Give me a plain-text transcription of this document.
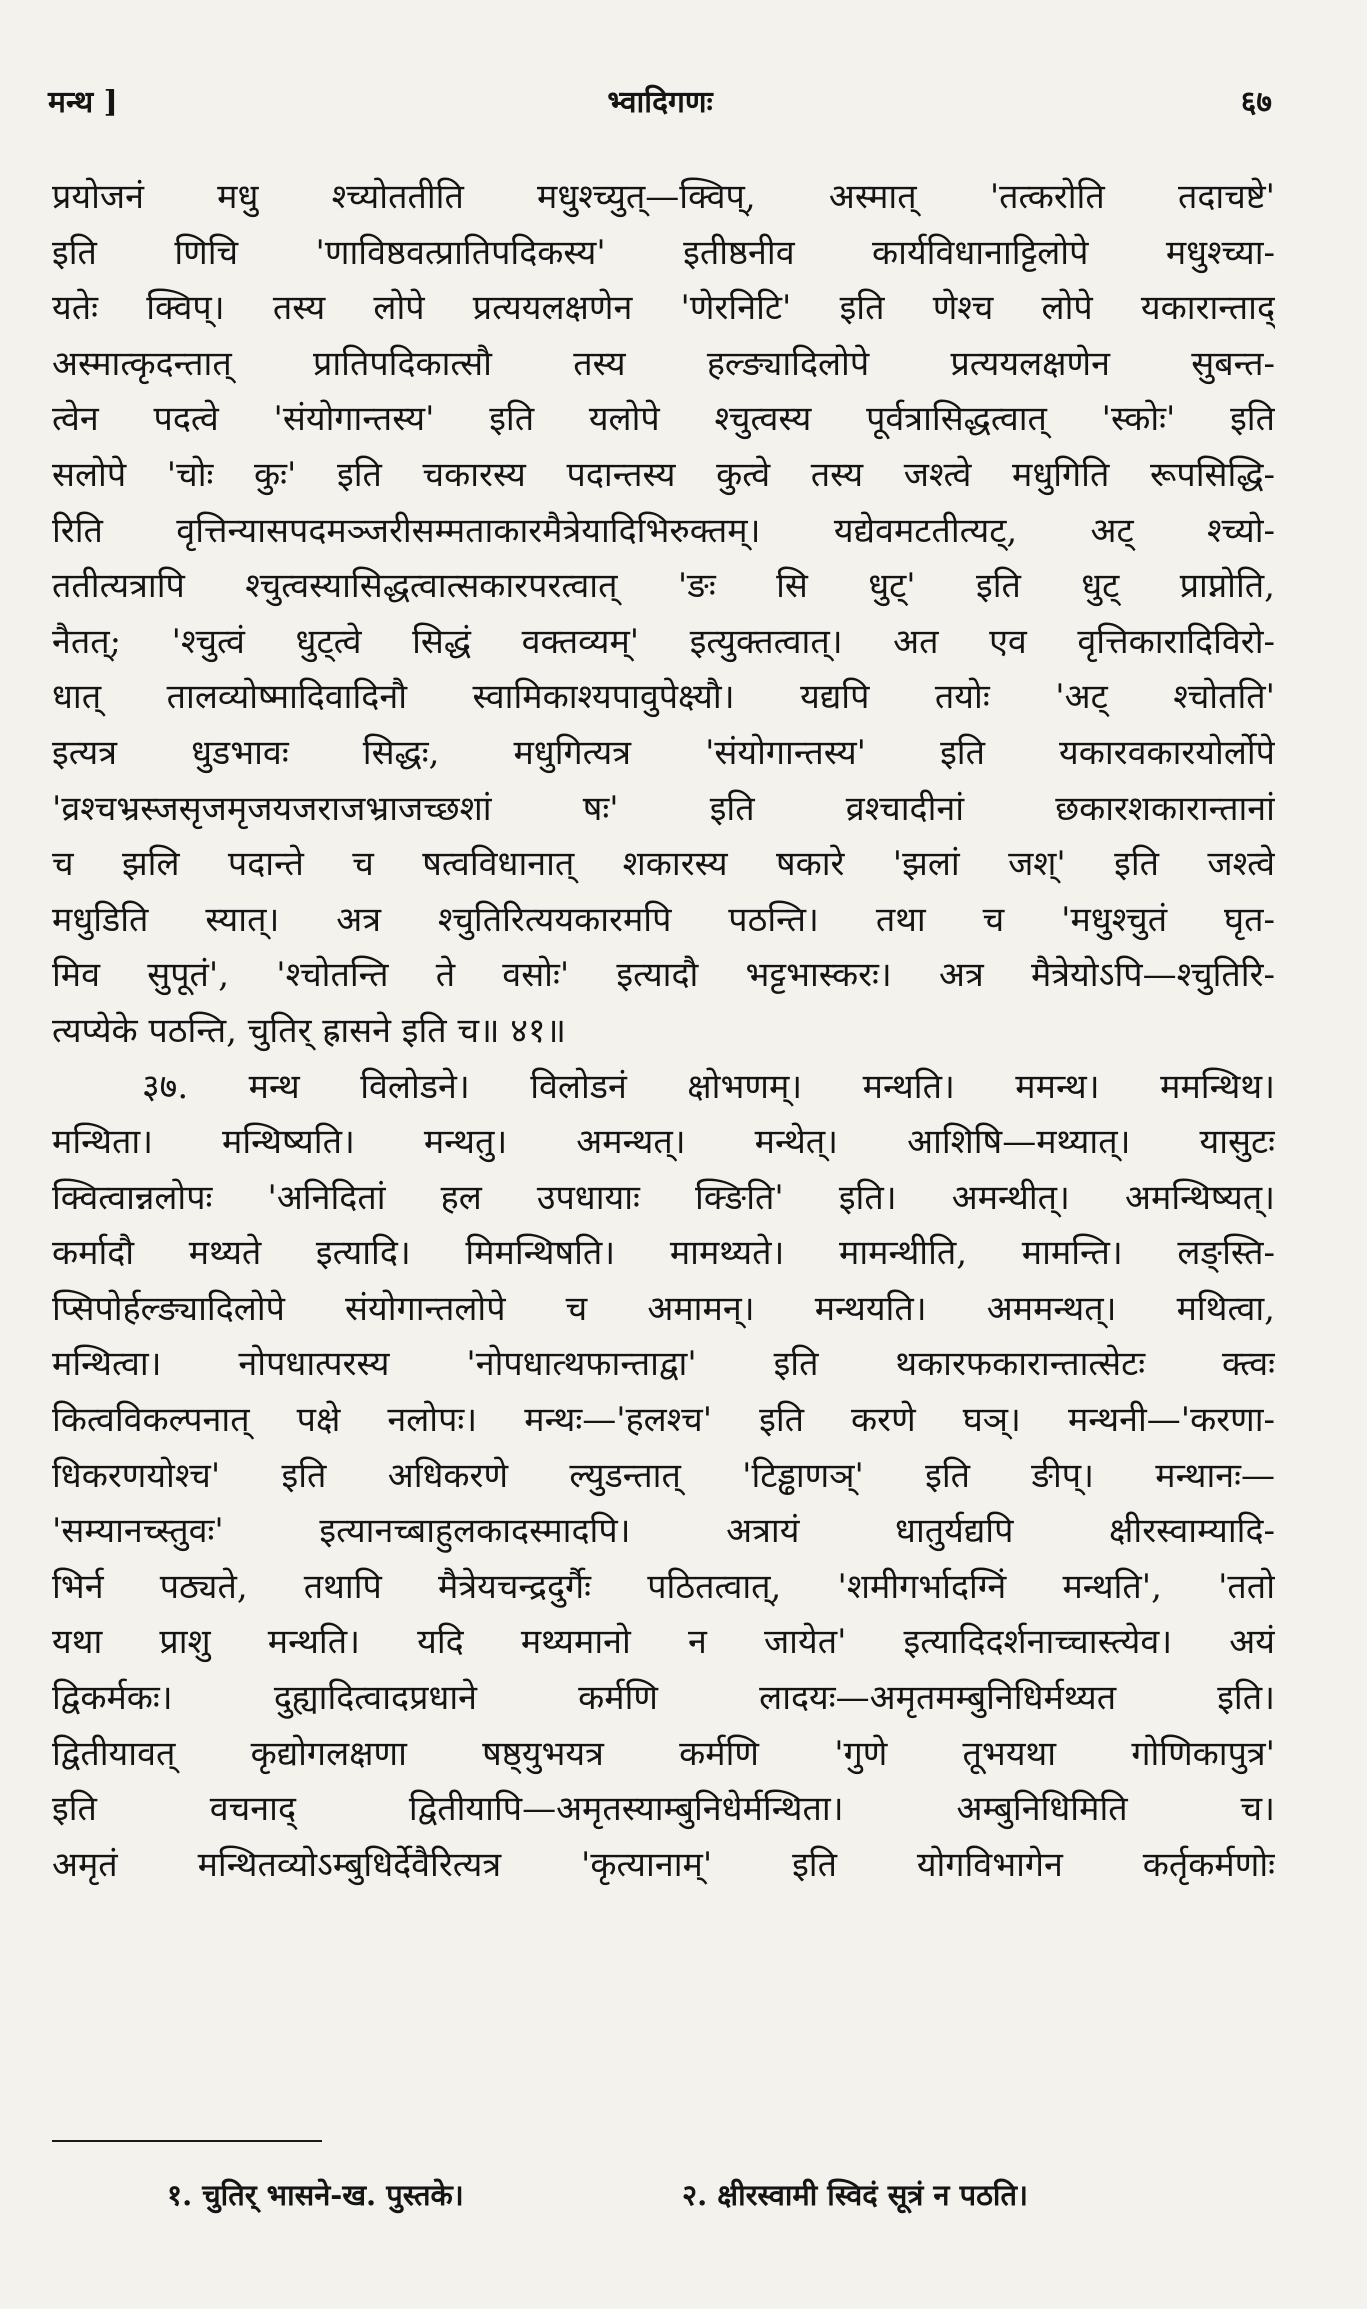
मन्थ ]	भ्वादिगणः	६७
प्रयोजनं मधु श्च्योततीति मधुश्च्युत्—क्विप्, अस्मात् 'तत्करोति तदाचष्टे'
इति णिचि 'णाविष्ठवत्प्रातिपदिकस्य' इतीष्ठनीव कार्यविधानाट्टिलोपे मधुश्च्या-
यतेः क्विप्। तस्य लोपे प्रत्ययलक्षणेन 'णेरनिटि' इति णेश्च लोपे यकारान्ताद्
अस्मात्कृदन्तात् प्रातिपदिकात्सौ तस्य हल्ङ्यादिलोपे प्रत्ययलक्षणेन सुबन्त-
त्वेन पदत्वे 'संयोगान्तस्य' इति यलोपे श्चुत्वस्य पूर्वत्रासिद्धत्वात् 'स्कोः' इति
सलोपे 'चोः कुः' इति चकारस्य पदान्तस्य कुत्वे तस्य जश्त्वे मधुगिति रूपसिद्धि-
रिति वृत्तिन्यासपदमञ्जरीसम्मताकारमैत्रेयादिभिरुक्तम्। यद्येवमटतीत्यट्, अट् श्च्यो-
ततीत्यत्रापि श्चुत्वस्यासिद्धत्वात्सकारपरत्वात् 'ङः सि धुट्' इति धुट् प्राप्नोति,
नैतत्; 'श्चुत्वं धुट्त्वे सिद्धं वक्तव्यम्' इत्युक्तत्वात्। अत एव वृत्तिकारादिविरो-
धात् तालव्योष्मादिवादिनौ स्वामिकाश्यपावुपेक्ष्यौ। यद्यपि तयोः 'अट् श्चोतति'
इत्यत्र धुडभावः सिद्धः, मधुगित्यत्र 'संयोगान्तस्य' इति यकारवकारयोर्लोपे
'व्रश्चभ्रस्जसृजमृजयजराजभ्राजच्छशां षः' इति व्रश्चादीनां छकारशकारान्तानां
च झलि पदान्ते च षत्वविधानात् शकारस्य षकारे 'झलां जश्' इति जश्त्वे
मधुडिति स्यात्। अत्र श्चुतिरित्ययकारमपि पठन्ति। तथा च 'मधुश्चुतं घृत-
मिव सुपूतं', 'श्चोतन्ति ते वसोः' इत्यादौ भट्टभास्करः। अत्र मैत्रेयोऽपि—श्चुतिरि-
त्यप्येके पठन्ति, चुतिर् ह्रासने इति च॥ ४१॥
३७. मन्थ विलोडने। विलोडनं क्षोभणम्। मन्थति। ममन्थ। ममन्थिथ।
मन्थिता। मन्थिष्यति। मन्थतु। अमन्थत्। मन्थेत्। आशिषि—मथ्यात्। यासुटः
क्वित्वान्नलोपः 'अनिदितां हल उपधायाः क्ङिति' इति। अमन्थीत्। अमन्थिष्यत्।
कर्मादौ मथ्यते इत्यादि। मिमन्थिषति। मामथ्यते। मामन्थीति, मामन्ति। लङ्स्ति-
प्सिपोर्हल्ङ्यादिलोपे संयोगान्तलोपे च अमामन्। मन्थयति। अममन्थत्। मथित्वा,
मन्थित्वा। नोपधात्परस्य 'नोपधात्थफान्ताद्वा' इति थकारफकारान्तात्सेटः क्त्वः
कित्वविकल्पनात् पक्षे नलोपः। मन्थः—'हलश्च' इति करणे घञ्। मन्थनी—'करणा-
धिकरणयोश्च' इति अधिकरणे ल्युडन्तात् 'टिड्ढाणञ्' इति ङीप्। मन्थानः—
'सम्यानच्स्तुवः' इत्यानच्बाहुलकादस्मादपि। अत्रायं धातुर्यद्यपि क्षीरस्वाम्यादि-
भिर्न पठ्यते, तथापि मैत्रेयचन्द्रदुर्गैः पठितत्वात्, 'शमीगर्भादग्निं मन्थति', 'ततो
यथा प्राशु मन्थति। यदि मथ्यमानो न जायेत' इत्यादिदर्शनाच्चास्त्येव। अयं
द्विकर्मकः। दुह्यादित्वादप्रधाने कर्मणि लादयः—अमृतमम्बुनिधिर्मथ्यत इति।
द्वितीयावत् कृद्योगलक्षणा षष्ठ्युभयत्र कर्मणि 'गुणे तूभयथा गोणिकापुत्र'
इति वचनाद् द्वितीयापि—अमृतस्याम्बुनिधेर्मन्थिता। अम्बुनिधिमिति च।
अमृतं मन्थितव्योऽम्बुधिर्देवैरित्यत्र 'कृत्यानाम्' इति योगविभागेन कर्तृकर्मणोः
१. चुतिर् भासने-ख. पुस्तके।	२. क्षीरस्वामी स्विदं सूत्रं न पठति।
